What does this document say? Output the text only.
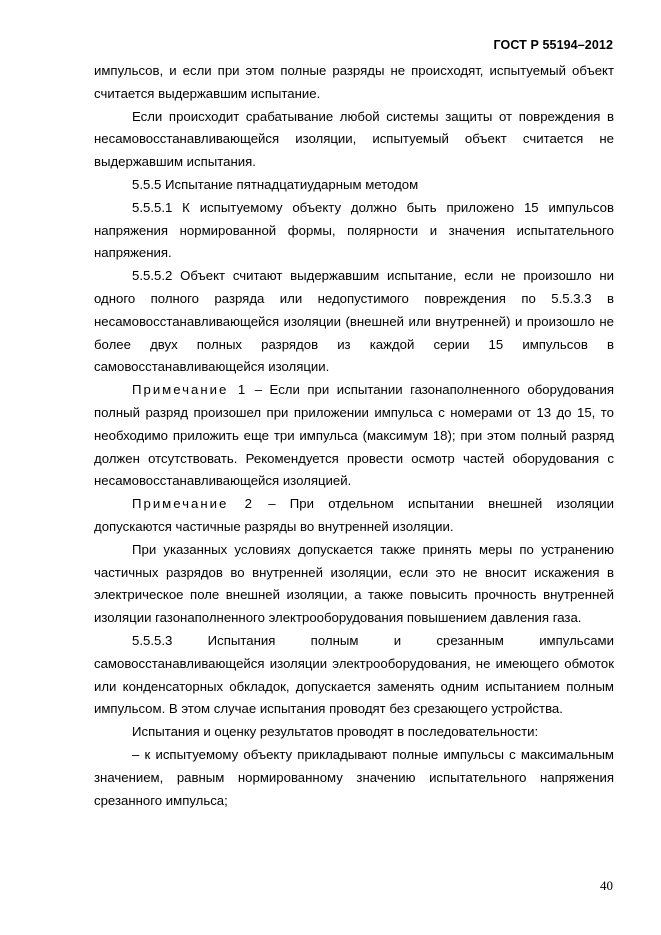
ГОСТ Р 55194–2012

импульсов, и если при этом полные разряды не происходят, испытуемый объект считается выдержавшим испытание.

Если происходит срабатывание любой системы защиты от повреждения в несамовосстанавливающейся изоляции, испытуемый объект считается не выдержавшим испытания.

5.5.5 Испытание пятнадцатиударным методом

5.5.5.1 К испытуемому объекту должно быть приложено 15 импульсов напряжения нормированной формы, полярности и значения испытательного напряжения.

5.5.5.2 Объект считают выдержавшим испытание, если не произошло ни одного полного разряда или недопустимого повреждения по 5.5.3.3 в несамовосстанавливающейся изоляции (внешней или внутренней) и произошло не более двух полных разрядов из каждой серии 15 импульсов в самовосстанавливающейся изоляции.

Примечание 1 – Если при испытании газонаполненного оборудования полный разряд произошел при приложении импульса с номерами от 13 до 15, то необходимо приложить еще три импульса (максимум 18); при этом полный разряд должен отсутствовать. Рекомендуется провести осмотр частей оборудования с несамовосстанавливающейся изоляцией.

Примечание 2 – При отдельном испытании внешней изоляции допускаются частичные разряды во внутренней изоляции.

При указанных условиях допускается также принять меры по устранению частичных разрядов во внутренней изоляции, если это не вносит искажения в электрическое поле внешней изоляции, а также повысить прочность внутренней изоляции газонаполненного электрооборудования повышением давления газа.

5.5.5.3 Испытания полным и срезанным импульсами самовосстанавливающейся изоляции электрооборудования, не имеющего обмоток или конденсаторных обкладок, допускается заменять одним испытанием полным импульсом. В этом случае испытания проводят без срезающего устройства.

Испытания и оценку результатов проводят в последовательности:

– к испытуемому объекту прикладывают полные импульсы с максимальным значением, равным нормированному значению испытательного напряжения срезанного импульса;

40
